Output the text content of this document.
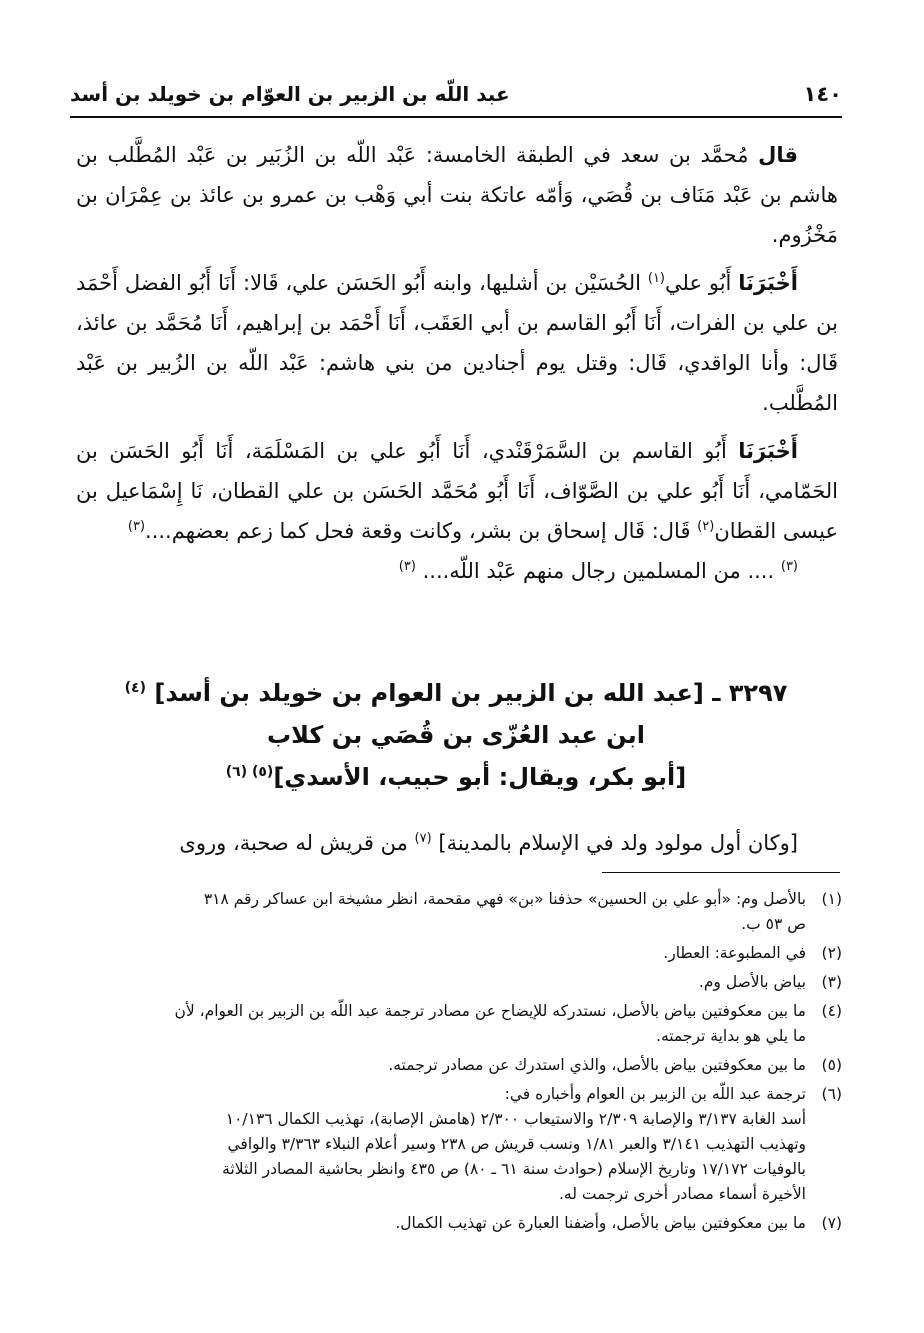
١٤٠
عبد اللّه بن الزبير بن العوّام بن خويلد بن أسد

قال مُحمَّد بن سعد في الطبقة الخامسة: عَبْد اللّه بن الزُبَير بن عَبْد المُطَّلب بن هاشم بن عَبْد مَنَاف بن قُصَي، وَأمّه عاتكة بنت أبي وَهْب بن عمرو بن عائذ بن عِمْرَان بن مَخْزُوم.

أَخْبَرَنَا أَبُو علي$^{(١)}$ الحُسَيْن بن أشليها، وابنه أَبُو الحَسَن علي، قَالا: أَنَا أَبُو الفضل أَحْمَد بن علي بن الفرات، أَنَا أَبُو القاسم بن أبي العَقَب، أَنَا أَحْمَد بن إبراهيم، أَنَا مُحَمَّد بن عائذ، قَال: وأنا الواقدي، قَال: وقتل يوم أجنادين من بني هاشم: عَبْد اللّه بن الزُبير بن عَبْد المُطَّلب.

أَخْبَرَنَا أَبُو القاسم بن السَّمَرْقَنْدي، أَنَا أَبُو علي بن المَسْلَمَة، أَنَا أَبُو الحَسَن بن الحَمّامي، أَنَا أَبُو علي بن الصَّوّاف، أَنَا أَبُو مُحَمَّد الحَسَن بن علي القطان، نَا إِسْمَاعيل بن عيسى القطان$^{(٢)}$ قَال: قَال إسحاق بن بشر، وكانت وقعة فحل كما زعم بعضهم....$^{(٣)}$

$^{(٣)}$ .... من المسلمين رجال منهم عَبْد اللّه.... $^{(٣)}$

٣٢٩٧ ـ [عبد الله بن الزبير بن العوام بن خويلد بن أسد] $^{(٤)}$
ابن عبد العُزّى بن قُصَي بن كلاب
[أبو بكر، ويقال: أبو حبيب، الأسدي]$^{(٥) (٦)}$
[وكان أول مولود ولد في الإسلام بالمدينة] $^{(٧)}$ من قريش له صحبة، وروى
(١)
بالأصل وم: «أبو علي بن الحسين» حذفنا «بن» فهي مقحمة، انظر مشيخة ابن عساكر رقم ٣١٨
ص ٥٣ ب.
(٢)
في المطبوعة: العطار.
(٣)
بياض بالأصل وم.
(٤)
ما بين معكوفتين بياض بالأصل، نستدركه للإيضاح عن مصادر ترجمة عبد اللّه بن الزبير بن العوام، لأن
ما يلي هو بداية ترجمته.
(٥)
ما بين معكوفتين بياض بالأصل، والذي استدرك عن مصادر ترجمته.
(٦)
ترجمة عبد اللّه بن الزبير بن العوام وأخباره في:
أسد الغابة ٣/١٣٧ والإصابة ٢/٣٠٩ والاستيعاب ٢/٣٠٠ (هامش الإصابة)، تهذيب الكمال ١٠/١٣٦
وتهذيب التهذيب ٣/١٤١ والعبر ١/٨١ ونسب قريش ص ٢٣٨ وسير أعلام النبلاء ٣/٣٦٣ والوافي
بالوفيات ١٧/١٧٢ وتاريخ الإسلام (حوادث سنة ٦١ ـ ٨٠) ص ٤٣٥ وانظر بحاشية المصادر الثلاثة
الأخيرة أسماء مصادر أخرى ترجمت له.
(٧)
ما بين معكوفتين بياض بالأصل، وأضفنا العبارة عن تهذيب الكمال.
